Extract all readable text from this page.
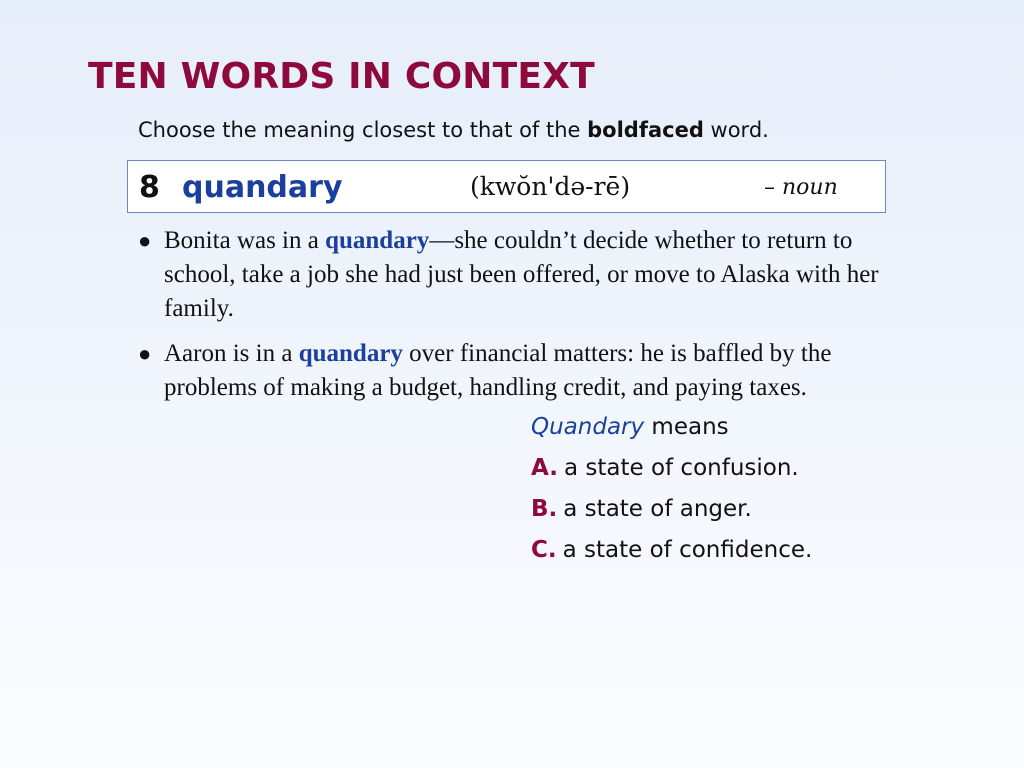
TEN WORDS IN CONTEXT
Choose the meaning closest to that of the boldfaced word.
8 quandary	(kwŏn'də-rē)	– noun
● Bonita was in a quandary—she couldn’t decide whether to return to school, take a job she had just been offered, or move to Alaska with her family.
● Aaron is in a quandary over financial matters: he is baffled by the problems of making a budget, handling credit, and paying taxes.
Quandary means
A. a state of confusion.
B. a state of anger.
C. a state of confidence.
